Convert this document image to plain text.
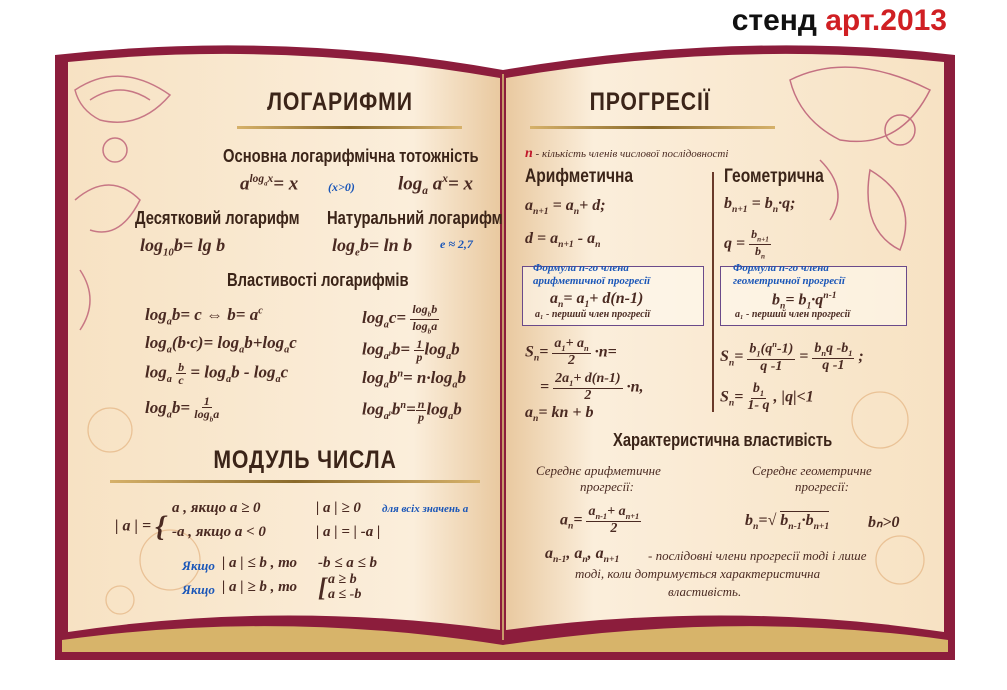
стенд арт.2013
ЛОГАРИФМИ
Основна логарифмічна тотожність
$a^{log_ax}= x$ (x>0) $\log_a a^x= x$
Десятковий логарифм Натуральний логарифм
$\log_{10}b= \lg b$	$\log_eb= \ln b$ e ≈ 2,7
Властивості логарифмів
$\log_ab= c$ ⇔ $b= a^c$
$\log_a(b\cdot c)= \log_ab+\log_ac$
$\log_a \frac{b}{c} = \log_ab - \log_ac$
$\log_ab= \frac{1}{\log_ba}$
$\log_ac= \frac{\log_bb}{\log_ba}$
$\log_{a^p}b= \frac{1}{p} \log_ab$
$\log_ab^n= n\cdot\log_ab$
$\log_{a^p}b^n= \frac{n}{p} \log_ab$
МОДУЛЬ ЧИСЛА
| a | = {
a , якщо a ≥ 0
-a , якщо a < 0
| a | ≥ 0 для всіх значень a
| a | = | -a |
Якщо | a | ≤ b , то -b ≤ a ≤ b
Якщо | a | ≥ b , то [ a ≥ b
a ≤ -b
ПРОГРЕСІЇ
n - кількість членів числової послідовності
Арифметична	Геометрична
$a_{n+1} = a_n+ d$;
$d = a_{n+1} - a_n$
$b_{n+1} = b_n\cdot q$;
$q = \frac{b_{n+1}}{b_n}$
Формула n-го члена
арифметичної прогресії
$a_n= a_1+ d(n-1)$
a₁ - перший член прогресії
Формула n-го члена
геометричної прогресії
$b_n= b_1\cdot q^{n-1}$
a₁ - перший член прогресії
$S_n= \frac{a_1+ a_n}{2} \cdot n=$
= $\frac{2a_1+ d(n-1)}{2} \cdot n$,
$a_n=$ kn + b
$S_n= \frac{b_1(q^n-1)}{q -1} = \frac{b_nq -b_1}{q -1}$ ;
$S_n= \frac{b_1}{1- q}$ , |q|<1
Характеристична властивість
Середнє арифметичне
прогресії:
Середнє геометричне
прогресії:
$a_n= \frac{a_{n-1}+ a_{n+1}}{2}$	$b_n=√$ $b_{n-1}\cdot b_{n+1}$ bₙ>0
$a_{n-1}$, $a_n$, $a_{n+1}$ - послідовні члени прогресії тоді і лише
тоді, коли дотримується характеристична
властивість.
